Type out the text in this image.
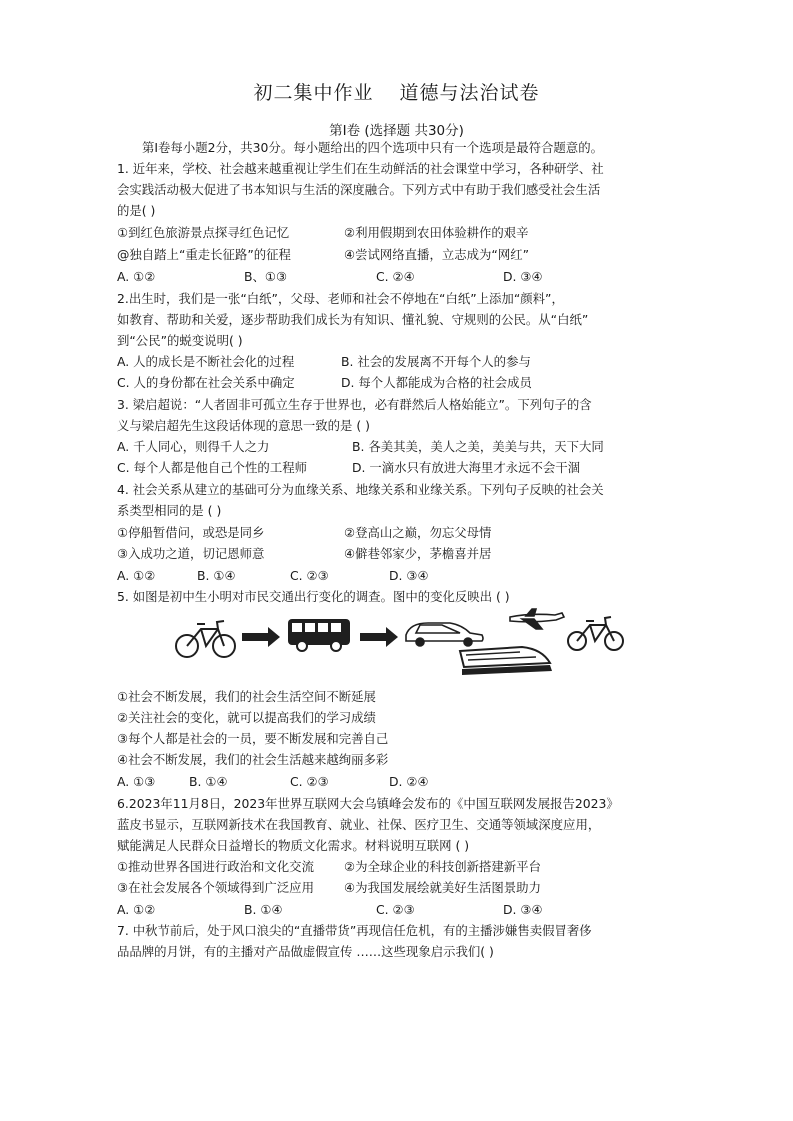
初二集中作业 道德与法治试卷
第Ⅰ卷 (选择题 共30分)
第Ⅰ卷每小题2分，共30分。每小题给出的四个选项中只有一个选项是最符合题意的。
1. 近年来，学校、社会越来越重视让学生们在生动鲜活的社会课堂中学习，各种研学、社
会实践活动极大促进了书本知识与生活的深度融合。下列方式中有助于我们感受社会生活
的是( )
①到红色旅游景点探寻红色记忆	②利用假期到农田体验耕作的艰辛
@独自踏上“重走长征路”的征程	④尝试网络直播，立志成为“网红”
A. ①②	B、①③	C. ②④	D. ③④
2.出生时，我们是一张“白纸”，父母、老师和社会不停地在“白纸”上添加“颜料”，
如教育、帮助和关爱，逐步帮助我们成长为有知识、懂礼貌、守规则的公民。从“白纸”
到“公民”的蜕变说明( )
A. 人的成长是不断社会化的过程	B. 社会的发展离不开每个人的参与
C. 人的身份都在社会关系中确定	D. 每个人都能成为合格的社会成员
3. 梁启超说：“人者固非可孤立生存于世界也，必有群然后人格始能立”。下列句子的含
义与梁启超先生这段话体现的意思一致的是 ( )
A. 千人同心，则得千人之力	B. 各美其美，美人之美，美美与共，天下大同
C. 每个人都是他自己个性的工程师	D. 一滴水只有放进大海里才永远不会干涸
4. 社会关系从建立的基础可分为血缘关系、地缘关系和业缘关系。下列句子反映的社会关
系类型相同的是 ( )
①停船暂借问，或恐是同乡	②登高山之巅，勿忘父母情
③入成功之道，切记恩师意	④僻巷邻家少，茅檐喜并居
A. ①②	B. ①④	C. ②③	D. ③④
5. 如图是初中生小明对市民交通出行变化的调查。图中的变化反映出 ( )
①社会不断发展，我们的社会生活空间不断延展
②关注社会的变化，就可以提高我们的学习成绩
③每个人都是社会的一员，要不断发展和完善自己
④社会不断发展，我们的社会生活越来越绚丽多彩
A. ①③	B. ①④	C. ②③	D. ②④
6.2023年11月8日，2023年世界互联网大会乌镇峰会发布的《中国互联网发展报告2023》
蓝皮书显示，互联网新技术在我国教育、就业、社保、医疗卫生、交通等领域深度应用，
赋能满足人民群众日益增长的物质文化需求。材料说明互联网 ( )
①推动世界各国进行政治和文化交流 ②为全球企业的科技创新搭建新平台
③在社会发展各个领域得到广泛应用 ④为我国发展绘就美好生活图景助力
A. ①②	B. ①④	C. ②③	D. ③④
7. 中秋节前后，处于风口浪尖的“直播带货”再现信任危机，有的主播涉嫌售卖假冒奢侈
品品牌的月饼，有的主播对产品做虚假宣传 ……这些现象启示我们( )
